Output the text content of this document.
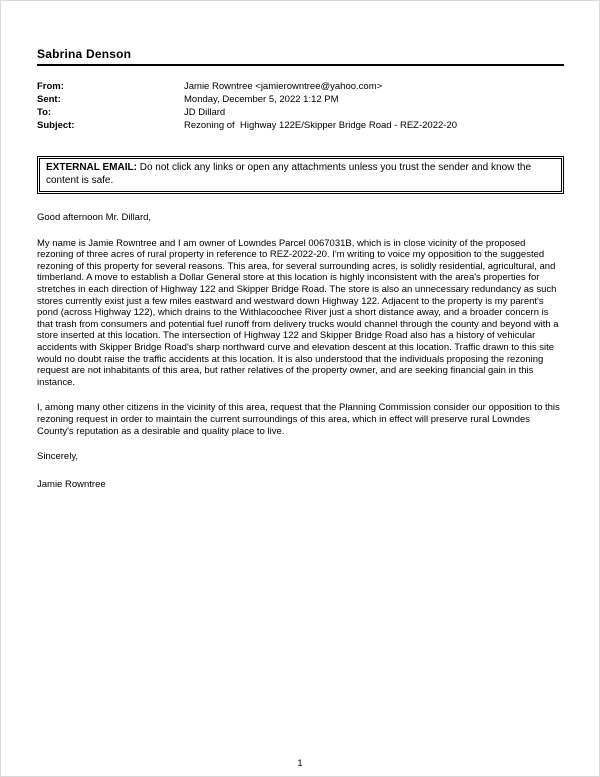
Sabrina Denson
From:	Jamie Rowntree <jamierowntree@yahoo.com>
Sent:	Monday, December 5, 2022 1:12 PM
To:	JD Dillard
Subject:	Rezoning of  Highway 122E/Skipper Bridge Road - REZ-2022-20
EXTERNAL EMAIL: Do not click any links or open any attachments unless you trust the sender and know the content is safe.
Good afternoon Mr. Dillard,
My name is Jamie Rowntree and I am owner of Lowndes Parcel 0067031B, which is in close vicinity of the proposed rezoning of three acres of rural property in reference to REZ-2022-20. I'm writing to voice my opposition to the suggested rezoning of this property for several reasons. This area, for several surrounding acres, is solidly residential, agricultural, and timberland. A move to establish a Dollar General store at this location is highly inconsistent with the area's properties for stretches in each direction of Highway 122 and Skipper Bridge Road. The store is also an unnecessary redundancy as such stores currently exist just a few miles eastward and westward down Highway 122. Adjacent to the property is my parent's pond (across Highway 122), which drains to the Withlacoochee River just a short distance away, and a broader concern is that trash from consumers and potential fuel runoff from delivery trucks would channel through the county and beyond with a store inserted at this location. The intersection of Highway 122 and Skipper Bridge Road also has a history of vehicular accidents with Skipper Bridge Road's sharp northward curve and elevation descent at this location. Traffic drawn to this site would no doubt raise the traffic accidents at this location. It is also understood that the individuals proposing the rezoning request are not inhabitants of this area, but rather relatives of the property owner, and are seeking financial gain in this instance.
I, among many other citizens in the vicinity of this area, request that the Planning Commission consider our opposition to this rezoning request in order to maintain the current surroundings of this area, which in effect will preserve rural Lowndes County's reputation as a desirable and quality place to live.
Sincerely,
Jamie Rowntree
1
